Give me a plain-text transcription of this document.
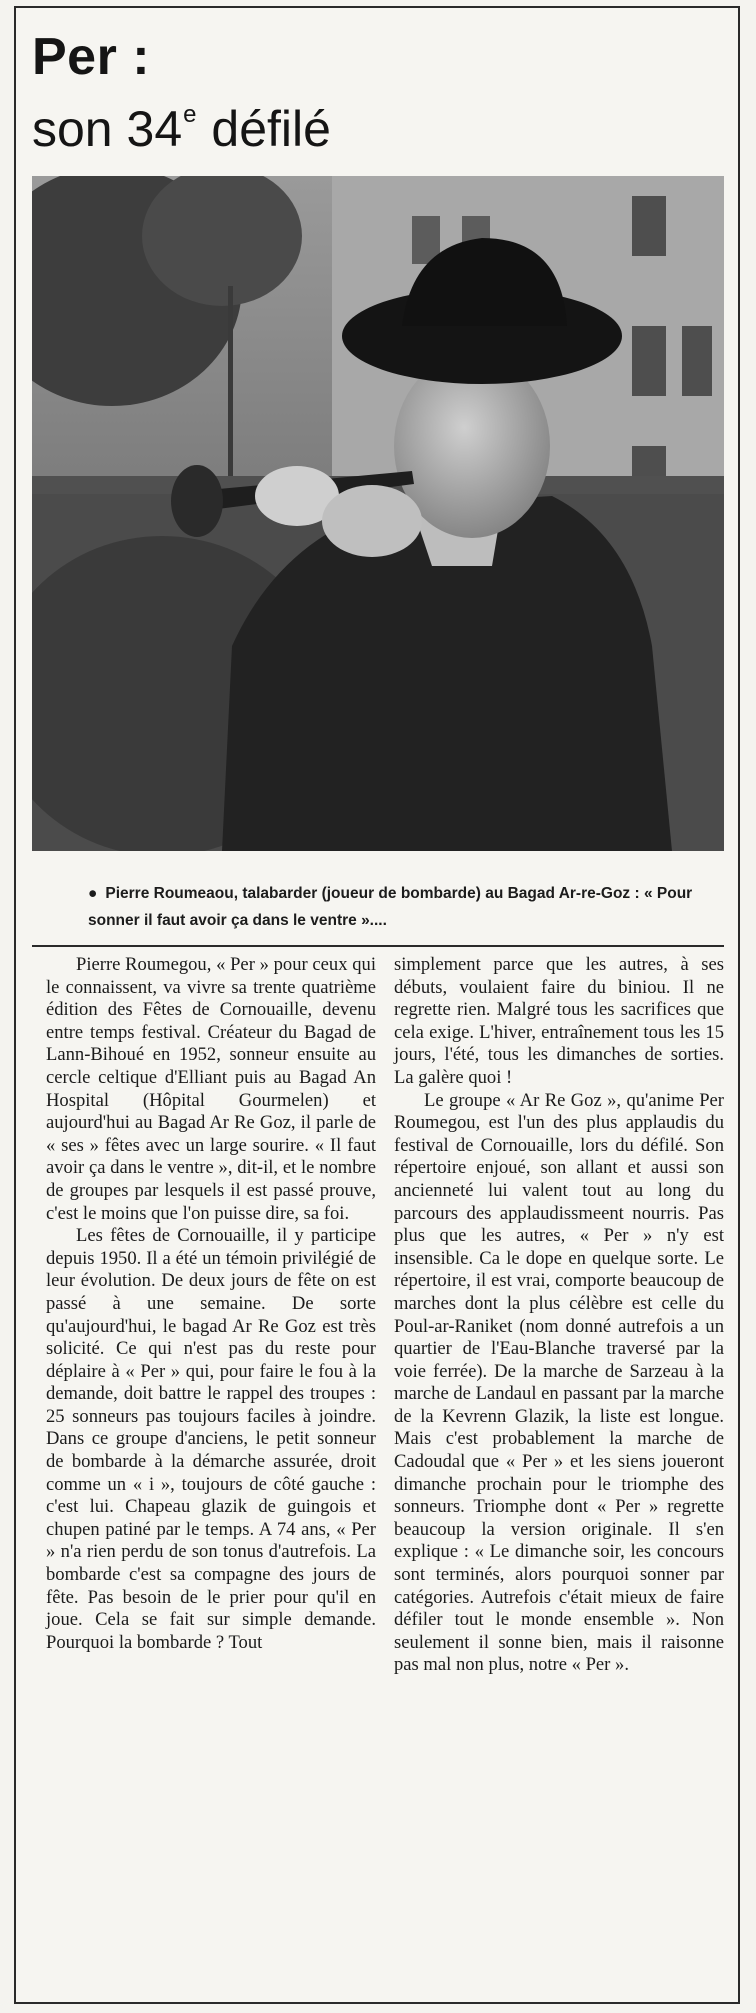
Per :
son 34e défilé

● Pierre Roumeaou, talabarder (joueur de bombarde) au Bagad Ar-re-Goz : « Pour sonner il faut avoir ça dans le ventre »....

Pierre Roumegou, « Per » pour ceux qui le connaissent, va vivre sa trente quatrième édition des Fêtes de Cornouaille, devenu entre temps festival. Créateur du Bagad de Lann-Bihoué en 1952, sonneur ensuite au cercle celtique d'Elliant puis au Bagad An Hospital (Hôpital Gourmelen) et aujourd'hui au Bagad Ar Re Goz, il parle de « ses » fêtes avec un large sourire. « Il faut avoir ça dans le ventre », dit-il, et le nombre de groupes par lesquels il est passé prouve, c'est le moins que l'on puisse dire, sa foi.

Les fêtes de Cornouaille, il y participe depuis 1950. Il a été un témoin privilégié de leur évolution. De deux jours de fête on est passé à une semaine. De sorte qu'aujourd'hui, le bagad Ar Re Goz est très solicité. Ce qui n'est pas du reste pour déplaire à « Per » qui, pour faire le fou à la demande, doit battre le rappel des troupes : 25 sonneurs pas toujours faciles à joindre. Dans ce groupe d'anciens, le petit sonneur de bombarde à la démarche assurée, droit comme un « i », toujours de côté gauche : c'est lui. Chapeau glazik de guingois et chupen patiné par le temps. A 74 ans, « Per » n'a rien perdu de son tonus d'autrefois. La bombarde c'est sa compagne des jours de fête. Pas besoin de le prier pour qu'il en joue. Cela se fait sur simple demande. Pourquoi la bombarde ? Tout

simplement parce que les autres, à ses débuts, voulaient faire du biniou. Il ne regrette rien. Malgré tous les sacrifices que cela exige. L'hiver, entraînement tous les 15 jours, l'été, tous les dimanches de sorties. La galère quoi !

Le groupe « Ar Re Goz », qu'anime Per Roumegou, est l'un des plus applaudis du festival de Cornouaille, lors du défilé. Son répertoire enjoué, son allant et aussi son ancienneté lui valent tout au long du parcours des applaudissmeent nourris. Pas plus que les autres, « Per » n'y est insensible. Ca le dope en quelque sorte. Le répertoire, il est vrai, comporte beaucoup de marches dont la plus célèbre est celle du Poul-ar-Raniket (nom donné autrefois a un quartier de l'Eau-Blanche traversé par la voie ferrée). De la marche de Sarzeau à la marche de Landaul en passant par la marche de la Kevrenn Glazik, la liste est longue. Mais c'est probablement la marche de Cadoudal que « Per » et les siens joueront dimanche prochain pour le triomphe des sonneurs. Triomphe dont « Per » regrette beaucoup la version originale. Il s'en explique : « Le dimanche soir, les concours sont terminés, alors pourquoi sonner par catégories. Autrefois c'était mieux de faire défiler tout le monde ensemble ». Non seulement il sonne bien, mais il raisonne pas mal non plus, notre « Per ».
